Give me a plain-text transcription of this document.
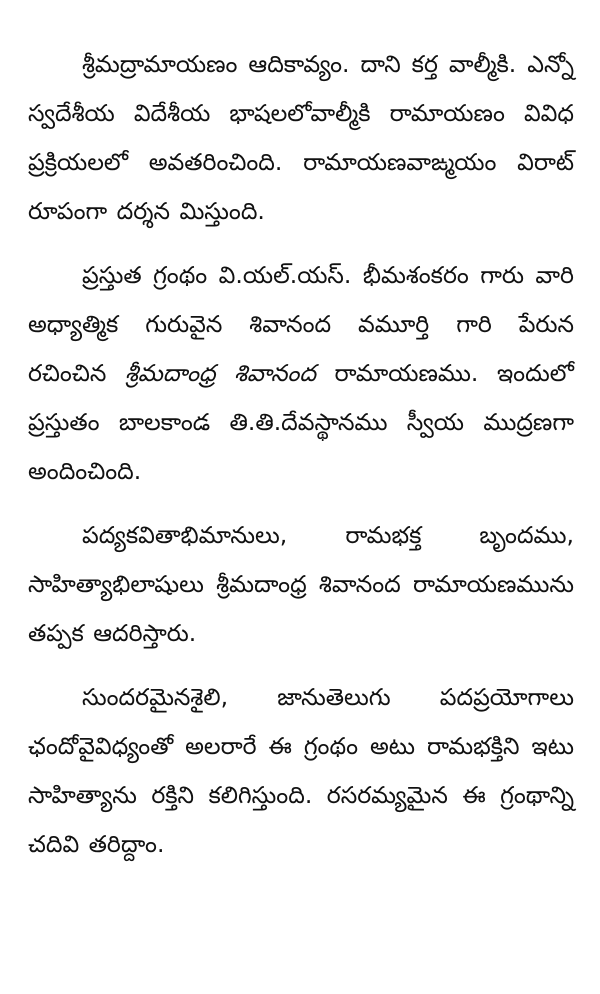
శ్రీమద్రామాయణం ఆదికావ్యం. దాని కర్త వాల్మీకి. ఎన్నో స్వదేశీయ విదేశీయ భాషలలోవాల్మీకి రామాయణం వివిధ ప్రక్రియలలో అవతరించింది. రామాయణవాఙ్మయం విరాట్ రూపంగా దర్శన మిస్తుంది.

ప్రస్తుత గ్రంథం వి.యల్.యస్. భీమశంకరం గారు వారి అధ్యాత్మిక గురువైన శివానంద వమూర్తి గారి పేరున రచించిన శ్రీమదాంధ్ర శివానంద రామాయణము. ఇందులో ప్రస్తుతం బాలకాండ తి.తి.దేవస్థానము స్వీయ ముద్రణగా అందించింది.

పద్యకవితాభిమానులు, రామభక్త బృందము, సాహిత్యాభిలాషులు శ్రీమదాంధ్ర శివానంద రామాయణమును తప్పక ఆదరిస్తారు.

సుందరమైనశైలి, జానుతెలుగు పదప్రయోగాలు ఛందోవైవిధ్యంతో అలరారే ఈ గ్రంథం అటు రామభక్తిని ఇటు సాహిత్యాను రక్తిని కలిగిస్తుంది. రసరమ్యమైన ఈ గ్రంథాన్ని చదివి తరిద్దాం.
